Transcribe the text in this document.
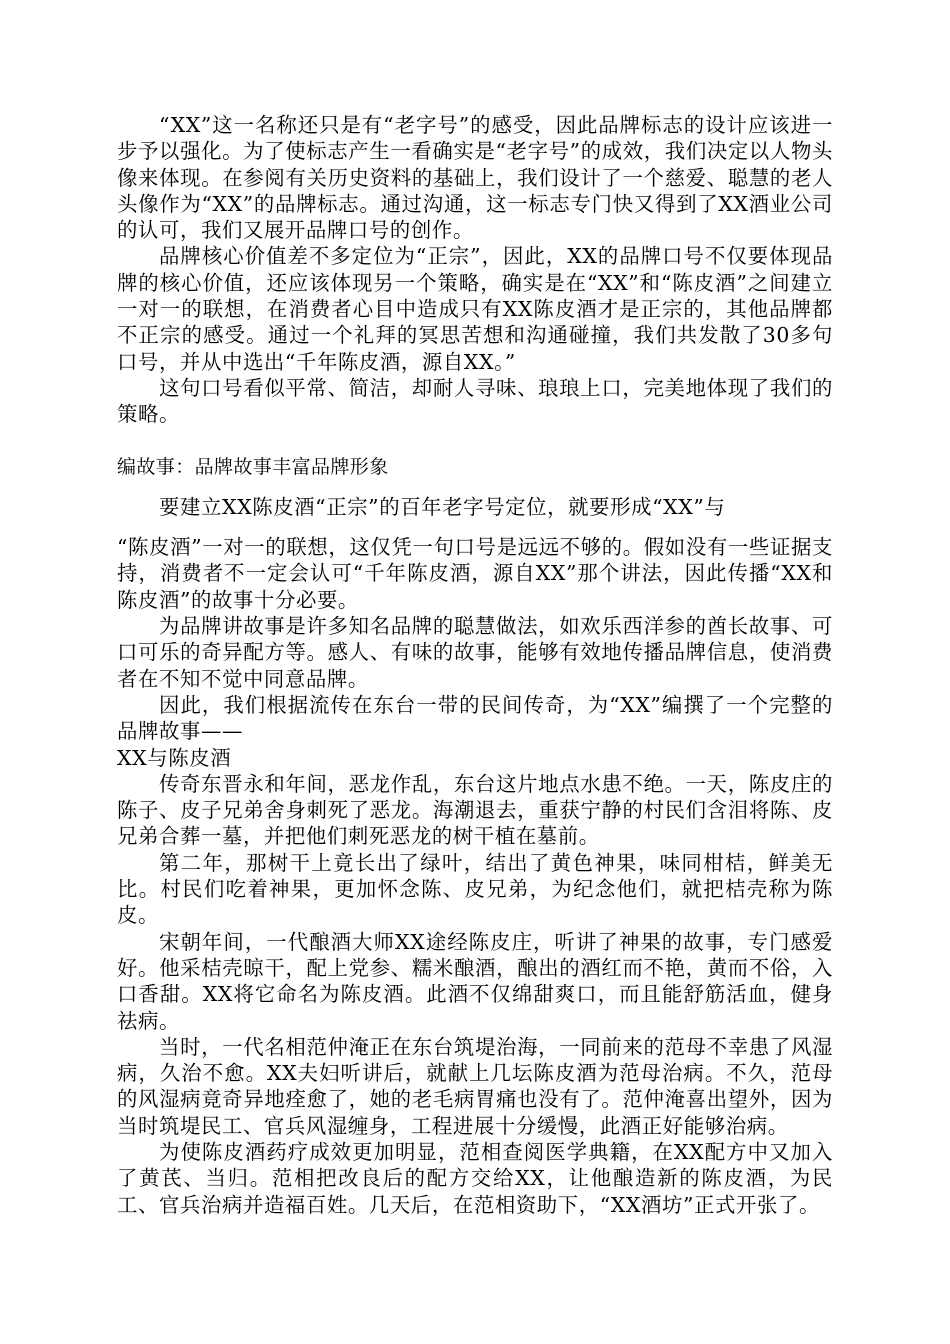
“XX”这一名称还只是有“老字号”的感受，因此品牌标志的设计应该进一步予以强化。为了使标志产生一看确实是“老字号”的成效，我们决定以人物头像来体现。在参阅有关历史资料的基础上，我们设计了一个慈爱、聪慧的老人头像作为“XX”的品牌标志。通过沟通，这一标志专门快又得到了XX酒业公司的认可，我们又展开品牌口号的创作。

品牌核心价值差不多定位为“正宗”，因此，XX的品牌口号不仅要体现品牌的核心价值，还应该体现另一个策略，确实是在“XX”和“陈皮酒”之间建立一对一的联想，在消费者心目中造成只有XX陈皮酒才是正宗的，其他品牌都不正宗的感受。通过一个礼拜的冥思苦想和沟通碰撞，我们共发散了30多句口号，并从中选出“千年陈皮酒，源自XX。”

这句口号看似平常、简洁，却耐人寻味、琅琅上口，完美地体现了我们的策略。

编故事：品牌故事丰富品牌形象

要建立XX陈皮酒“正宗”的百年老字号定位，就要形成“XX”与

“陈皮酒”一对一的联想，这仅凭一句口号是远远不够的。假如没有一些证据支持，消费者不一定会认可“千年陈皮酒，源自XX”那个讲法，因此传播“XX和陈皮酒”的故事十分必要。

为品牌讲故事是许多知名品牌的聪慧做法，如欢乐西洋参的酋长故事、可口可乐的奇异配方等。感人、有味的故事，能够有效地传播品牌信息，使消费者在不知不觉中同意品牌。

因此，我们根据流传在东台一带的民间传奇，为“XX”编撰了一个完整的品牌故事——

XX与陈皮酒

传奇东晋永和年间，恶龙作乱，东台这片地点水患不绝。一天，陈皮庄的陈子、皮子兄弟舍身刺死了恶龙。海潮退去，重获宁静的村民们含泪将陈、皮兄弟合葬一墓，并把他们刺死恶龙的树干植在墓前。

第二年，那树干上竟长出了绿叶，结出了黄色神果，味同柑桔，鲜美无比。村民们吃着神果，更加怀念陈、皮兄弟，为纪念他们，就把桔壳称为陈皮。

宋朝年间，一代酿酒大师XX途经陈皮庄，听讲了神果的故事，专门感爱好。他采桔壳晾干，配上党参、糯米酿酒，酿出的酒红而不艳，黄而不俗，入口香甜。XX将它命名为陈皮酒。此酒不仅绵甜爽口，而且能舒筋活血，健身祛病。

当时，一代名相范仲淹正在东台筑堤治海，一同前来的范母不幸患了风湿病，久治不愈。XX夫妇听讲后，就献上几坛陈皮酒为范母治病。不久，范母的风湿病竟奇异地痊愈了，她的老毛病胃痛也没有了。范仲淹喜出望外，因为当时筑堤民工、官兵风湿缠身，工程进展十分缓慢，此酒正好能够治病。

为使陈皮酒药疗成效更加明显，范相查阅医学典籍，在XX配方中又加入了黄芪、当归。范相把改良后的配方交给XX，让他酿造新的陈皮酒，为民工、官兵治病并造福百姓。几天后，在范相资助下，“XX酒坊”正式开张了。
